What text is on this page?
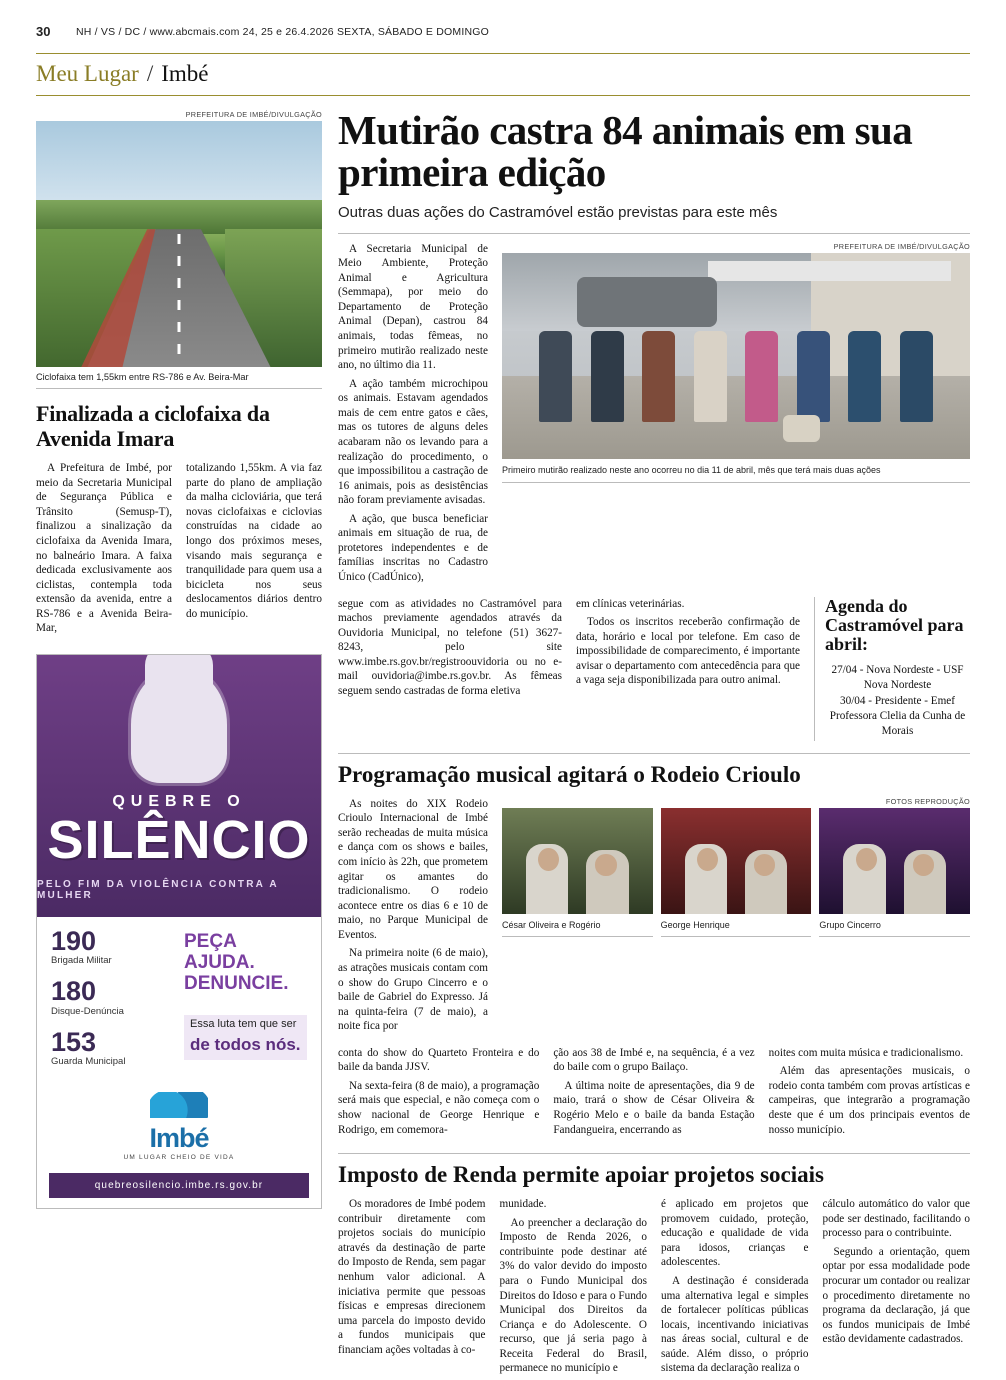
30	NH / VS / DC / www.abcmais.com 24, 25 e 26.4.2026 SEXTA, SÁBADO E DOMINGO
Meu Lugar / Imbé
PREFEITURA DE IMBÉ/DIVULGAÇÃO
Ciclofaixa tem 1,55km entre RS-786 e Av. Beira-Mar
Finalizada a ciclofaixa da Avenida Imara

A Prefeitura de Imbé, por meio da Secretaria Municipal de Segurança Pública e Trânsito (Semusp-T), finalizou a sinalização da ciclofaixa da Avenida Imara, no balneário Imara. A faixa dedicada exclusivamente aos ciclistas, contempla toda extensão da avenida, entre a RS-786 e a Avenida Beira-Mar,

totalizando 1,55km. A via faz parte do plano de ampliação da malha cicloviária, que terá novas ciclofaixas e ciclovias construídas na cidade ao longo dos próximos meses, visando mais segurança e tranquilidade para quem usa a bicicleta nos seus deslocamentos diários dentro do município.

QUEBRE O
SILÊNCIO
PELO FIM DA VIOLÊNCIA CONTRA A MULHER
190
Brigada Militar
180
Disque-Denúncia
153
Guarda Municipal
PEÇA AJUDA.
DENUNCIE.
Essa luta tem que ser
de todos nós.
Imbé
UM LUGAR CHEIO DE VIDA
quebreosilencio.imbe.rs.gov.br
Mutirão castra 84 animais em sua primeira edição
Outras duas ações do Castramóvel estão previstas para este mês

A Secretaria Municipal de Meio Ambiente, Proteção Animal e Agricultura (Semmapa), por meio do Departamento de Proteção Animal (Depan), castrou 84 animais, todas fêmeas, no primeiro mutirão realizado neste ano, no último dia 11.

A ação também microchipou os animais. Estavam agendados mais de cem entre gatos e cães, mas os tutores de alguns deles acabaram não os levando para a realização do procedimento, o que impossibilitou a castração de 16 animais, pois as desistências não foram previamente avisadas.

A ação, que busca beneficiar animais em situação de rua, de protetores independentes e de famílias inscritas no Cadastro Único (CadÚnico),

PREFEITURA DE IMBÉ/DIVULGAÇÃO
Primeiro mutirão realizado neste ano ocorreu no dia 11 de abril, mês que terá mais duas ações

segue com as atividades no Castramóvel para machos previamente agendados através da Ouvidoria Municipal, no telefone (51) 3627-8243, pelo site www.imbe.rs.gov.br/registroouvidoria ou no e-mail ouvidoria@imbe.rs.gov.br. As fêmeas seguem sendo castradas de forma eletiva

em clínicas veterinárias.

Todos os inscritos receberão confirmação de data, horário e local por telefone. Em caso de impossibilidade de comparecimento, é importante avisar o departamento com antecedência para que a vaga seja disponibilizada para outro animal.

Agenda do Castramóvel para abril:
27/04 - Nova Nordeste - USF Nova Nordeste
30/04 - Presidente - Emef Professora Clelia da Cunha de Morais
Programação musical agitará o Rodeio Crioulo

As noites do XIX Rodeio Crioulo Internacional de Imbé serão recheadas de muita música e dança com os shows e bailes, com início às 22h, que prometem agitar os amantes do tradicionalismo. O rodeio acontece entre os dias 6 e 10 de maio, no Parque Municipal de Eventos.

Na primeira noite (6 de maio), as atrações musicais contam com o show do Grupo Cincerro e o baile de Gabriel do Expresso. Já na quinta-feira (7 de maio), a noite fica por

FOTOS REPRODUÇÃO
César Oliveira e Rogério	George Henrique	Grupo Cincerro

conta do show do Quarteto Fronteira e do baile da banda JJSV.

Na sexta-feira (8 de maio), a programação será mais que especial, e não começa com o show nacional de George Henrique e Rodrigo, em comemora-

ção aos 38 de Imbé e, na sequência, é a vez do baile com o grupo Bailaço.

A última noite de apresentações, dia 9 de maio, trará o show de César Oliveira & Rogério Melo e o baile da banda Estação Fandangueira, encerrando as

noites com muita música e tradicionalismo.

Além das apresentações musicais, o rodeio conta também com provas artísticas e campeiras, que integrarão a programação deste que é um dos principais eventos de nosso município.

Imposto de Renda permite apoiar projetos sociais

Os moradores de Imbé podem contribuir diretamente com projetos sociais do município através da destinação de parte do Imposto de Renda, sem pagar nenhum valor adicional. A iniciativa permite que pessoas físicas e empresas direcionem uma parcela do imposto devido a fundos municipais que financiam ações voltadas à co-

munidade.

Ao preencher a declaração do Imposto de Renda 2026, o contribuinte pode destinar até 3% do valor devido do imposto para o Fundo Municipal dos Direitos do Idoso e para o Fundo Municipal dos Direitos da Criança e do Adolescente. O recurso, que já seria pago à Receita Federal do Brasil, permanece no município e

é aplicado em projetos que promovem cuidado, proteção, educação e qualidade de vida para idosos, crianças e adolescentes.

A destinação é considerada uma alternativa legal e simples de fortalecer políticas públicas locais, incentivando iniciativas nas áreas social, cultural e de saúde. Além disso, o próprio sistema da declaração realiza o

cálculo automático do valor que pode ser destinado, facilitando o processo para o contribuinte.

Segundo a orientação, quem optar por essa modalidade pode procurar um contador ou realizar o procedimento diretamente no programa da declaração, já que os fundos municipais de Imbé estão devidamente cadastrados.
